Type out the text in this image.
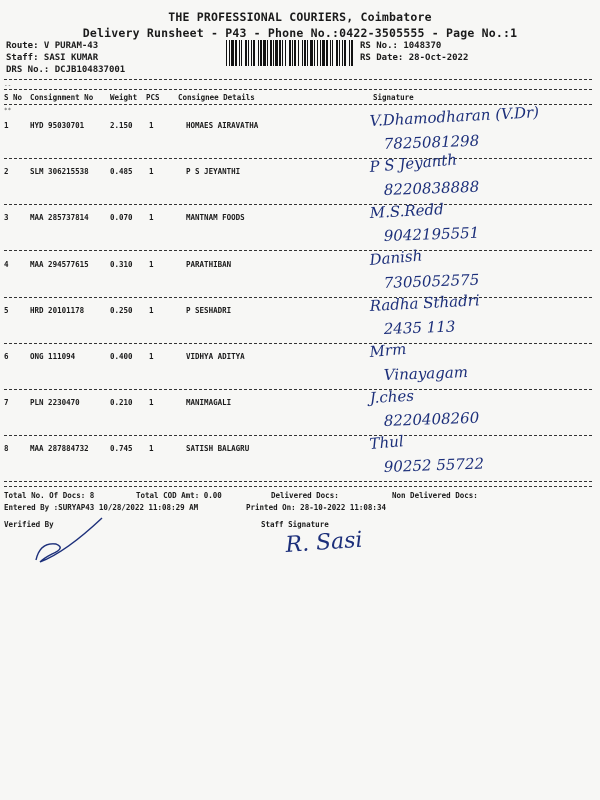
THE PROFESSIONAL COURIERS, Coimbatore
Delivery Runsheet - P43 - Phone No.:0422-3505555 - Page No.:1
Route: V PURAM-43
Staff: SASI KUMAR
DRS No.: DCJB104837001
RS No.: 1048370
RS Date: 28-Oct-2022
--
S No Consignment No Weight PCS Consignee Details	Signature
**
1	HYD 95030701	2.150 1	HOMAES AIRAVATHA	V.Dhamodharan (V.Dr)
7825081298
2	SLM 306215538	0.485 1	P S JEYANTHI	P S Jeyanth
8220838888
3	MAA 285737814	0.070 1	MANTNAM FOODS	M.S.Redd
9042195551
4	MAA 294577615	0.310 1	PARATHIBAN	Danish
7305052575
5	HRD 20101178	0.250 1	P SESHADRI	Radha Sthadri
2435 113
6	ONG 111094	0.400 1	VIDHYA ADITYA	Mrm
Vinayagam
7	PLN 2230470	0.210 1	MANIMAGALI	J.ches
8220408260
8	MAA 287884732	0.745 1	SATISH BALAGRU	Thul
90252 55722
Total No. Of Docs: 8	Total COD Amt: 0.00	Delivered Docs:	Non Delivered Docs:
Entered By :SURYAP43 10/28/2022 11:08:29 AM	Printed On: 28-10-2022 11:08:34
Verified By	Staff Signature
R. Sasi
